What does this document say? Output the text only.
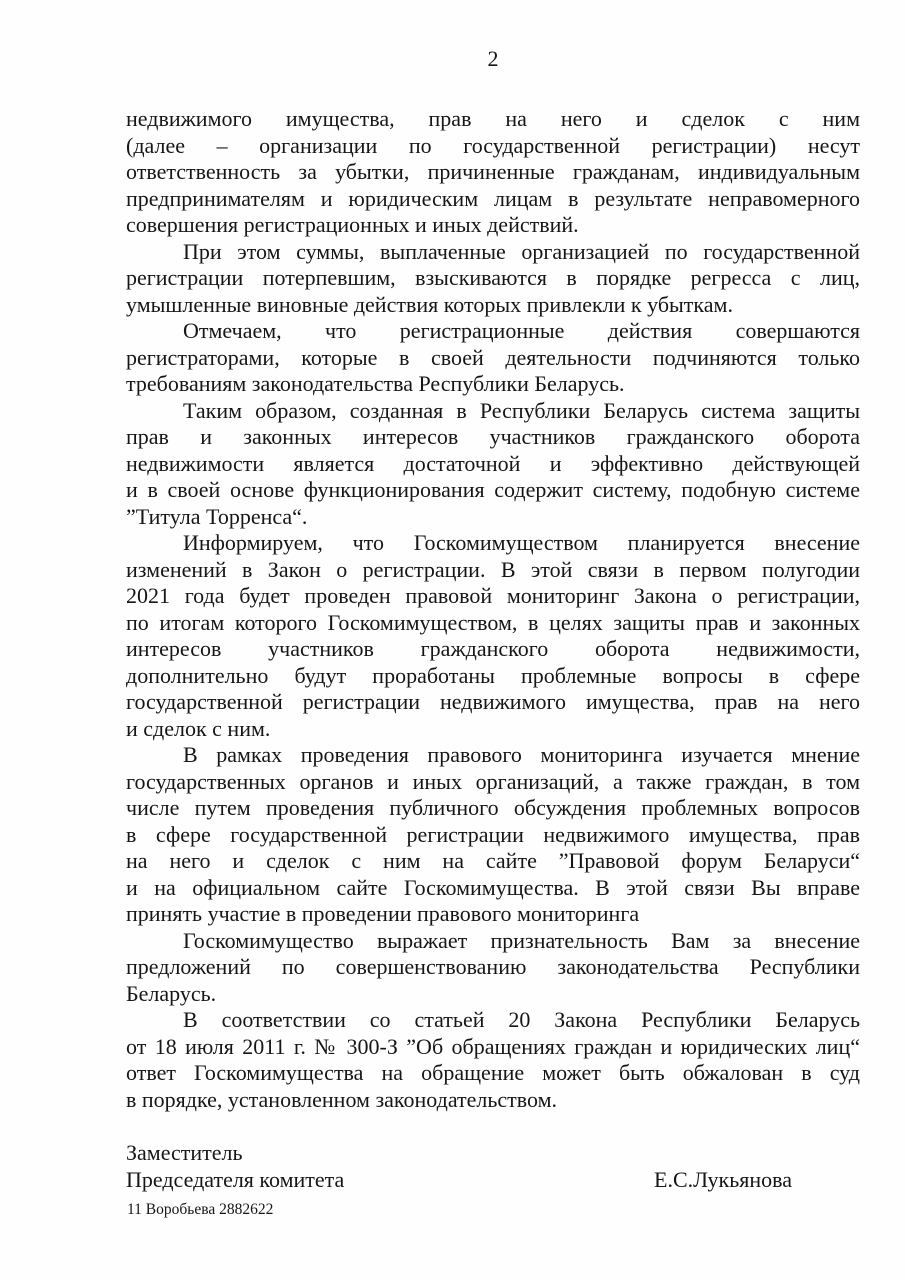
2
недвижимого имущества, прав на него и сделок с ним
(далее – организации по государственной регистрации) несут
ответственность за убытки, причиненные гражданам, индивидуальным
предпринимателям и юридическим лицам в результате неправомерного
совершения регистрационных и иных действий.
При этом суммы, выплаченные организацией по государственной
регистрации потерпевшим, взыскиваются в порядке регресса с лиц,
умышленные виновные действия которых привлекли к убыткам.
Отмечаем, что регистрационные действия совершаются
регистраторами, которые в своей деятельности подчиняются только
требованиям законодательства Республики Беларусь.
Таким образом, созданная в Республики Беларусь система защиты
прав и законных интересов участников гражданского оборота
недвижимости является достаточной и эффективно действующей
и в своей основе функционирования содержит систему, подобную системе
”Титула Торренса“.
Информируем, что Госкомимуществом планируется внесение
изменений в Закон о регистрации. В этой связи в первом полугодии
2021 года будет проведен правовой мониторинг Закона о регистрации,
по итогам которого Госкомимуществом, в целях защиты прав и законных
интересов участников гражданского оборота недвижимости,
дополнительно будут проработаны проблемные вопросы в сфере
государственной регистрации недвижимого имущества, прав на него
и сделок с ним.
В рамках проведения правового мониторинга изучается мнение
государственных органов и иных организаций, а также граждан, в том
числе путем проведения публичного обсуждения проблемных вопросов
в сфере государственной регистрации недвижимого имущества, прав
на него и сделок с ним на сайте ”Правовой форум Беларуси“
и на официальном сайте Госкомимущества. В этой связи Вы вправе
принять участие в проведении правового мониторинга
Госкомимущество выражает признательность Вам за внесение
предложений по совершенствованию законодательства Республики
Беларусь.
В соответствии со статьей 20 Закона Республики Беларусь
от 18 июля 2011 г. № 300-З ”Об обращениях граждан и юридических лиц“
ответ Госкомимущества на обращение может быть обжалован в суд
в порядке, установленном законодательством.
Заместитель
Председателя комитета	Е.С.Лукьянова
11 Воробьева 2882622
